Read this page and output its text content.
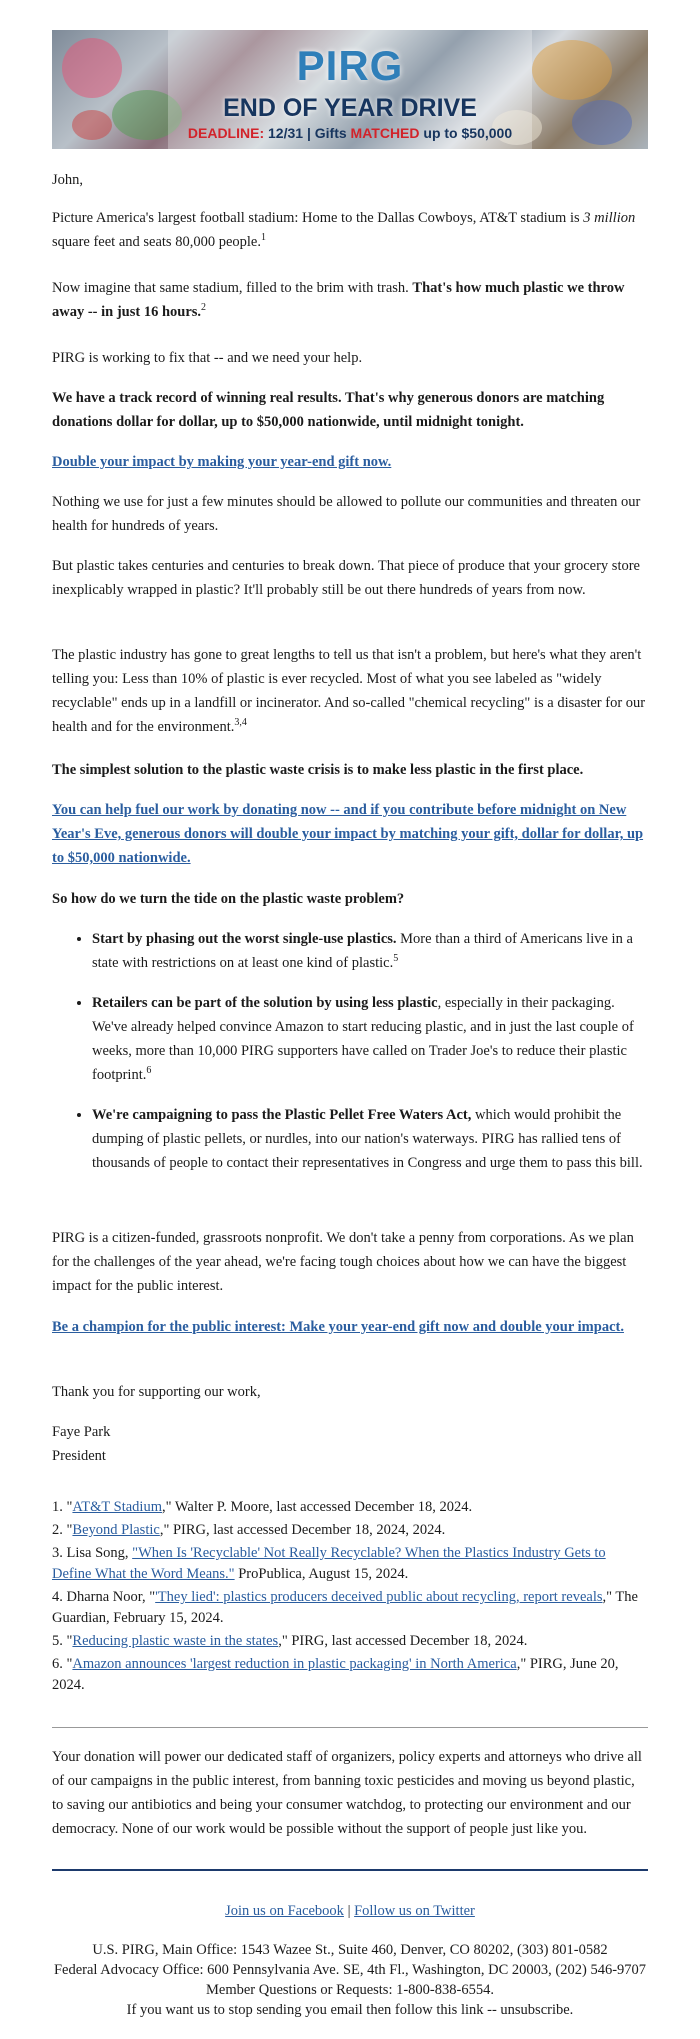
PIRG
END OF YEAR DRIVE
DEADLINE: 12/31 | Gifts MATCHED up to $50,000

John,

Picture America's largest football stadium: Home to the Dallas Cowboys, AT&T stadium is 3 million square feet and seats 80,000 people.$^1$

Now imagine that same stadium, filled to the brim with trash. That's how much plastic we throw away -- in just 16 hours.$^2$

PIRG is working to fix that -- and we need your help.

We have a track record of winning real results. That's why generous donors are matching donations dollar for dollar, up to $50,000 nationwide, until midnight tonight.

Double your impact by making your year-end gift now.

Nothing we use for just a few minutes should be allowed to pollute our communities and threaten our health for hundreds of years.

But plastic takes centuries and centuries to break down. That piece of produce that your grocery store inexplicably wrapped in plastic? It'll probably still be out there hundreds of years from now.

The plastic industry has gone to great lengths to tell us that isn't a problem, but here's what they aren't telling you: Less than 10% of plastic is ever recycled. Most of what you see labeled as "widely recyclable" ends up in a landfill or incinerator. And so-called "chemical recycling" is a disaster for our health and for the environment.$^{3,4}$

The simplest solution to the plastic waste crisis is to make less plastic in the first place.

You can help fuel our work by donating now -- and if you contribute before midnight on New Year's Eve, generous donors will double your impact by matching your gift, dollar for dollar, up to $50,000 nationwide.

So how do we turn the tide on the plastic waste problem?

• Start by phasing out the worst single-use plastics. More than a third of Americans live in a state with restrictions on at least one kind of plastic.$^5$
• Retailers can be part of the solution by using less plastic, especially in their packaging. We've already helped convince Amazon to start reducing plastic, and in just the last couple of weeks, more than 10,000 PIRG supporters have called on Trader Joe's to reduce their plastic footprint.$^6$
• We're campaigning to pass the Plastic Pellet Free Waters Act, which would prohibit the dumping of plastic pellets, or nurdles, into our nation's waterways. PIRG has rallied tens of thousands of people to contact their representatives in Congress and urge them to pass this bill.

PIRG is a citizen-funded, grassroots nonprofit. We don't take a penny from corporations. As we plan for the challenges of the year ahead, we're facing tough choices about how we can have the biggest impact for the public interest.

Be a champion for the public interest: Make your year-end gift now and double your impact.

Thank you for supporting our work,

Faye Park
President

1. "AT&T Stadium," Walter P. Moore, last accessed December 18, 2024.
2. "Beyond Plastic," PIRG, last accessed December 18, 2024, 2024.
3. Lisa Song, "When Is 'Recyclable' Not Really Recyclable? When the Plastics Industry Gets to Define What the Word Means." ProPublica, August 15, 2024.
4. Dharna Noor, "'They lied': plastics producers deceived public about recycling, report reveals," The Guardian, February 15, 2024.
5. "Reducing plastic waste in the states," PIRG, last accessed December 18, 2024.
6. "Amazon announces 'largest reduction in plastic packaging' in North America," PIRG, June 20, 2024.

Your donation will power our dedicated staff of organizers, policy experts and attorneys who drive all of our campaigns in the public interest, from banning toxic pesticides and moving us beyond plastic, to saving our antibiotics and being your consumer watchdog, to protecting our environment and our democracy. None of our work would be possible without the support of people just like you.

Join us on Facebook | Follow us on Twitter
U.S. PIRG, Main Office: 1543 Wazee St., Suite 460, Denver, CO 80202, (303) 801-0582
Federal Advocacy Office: 600 Pennsylvania Ave. SE, 4th Fl., Washington, DC 20003, (202) 546-9707
Member Questions or Requests: 1-800-838-6554.
If you want us to stop sending you email then follow this link -- unsubscribe.
